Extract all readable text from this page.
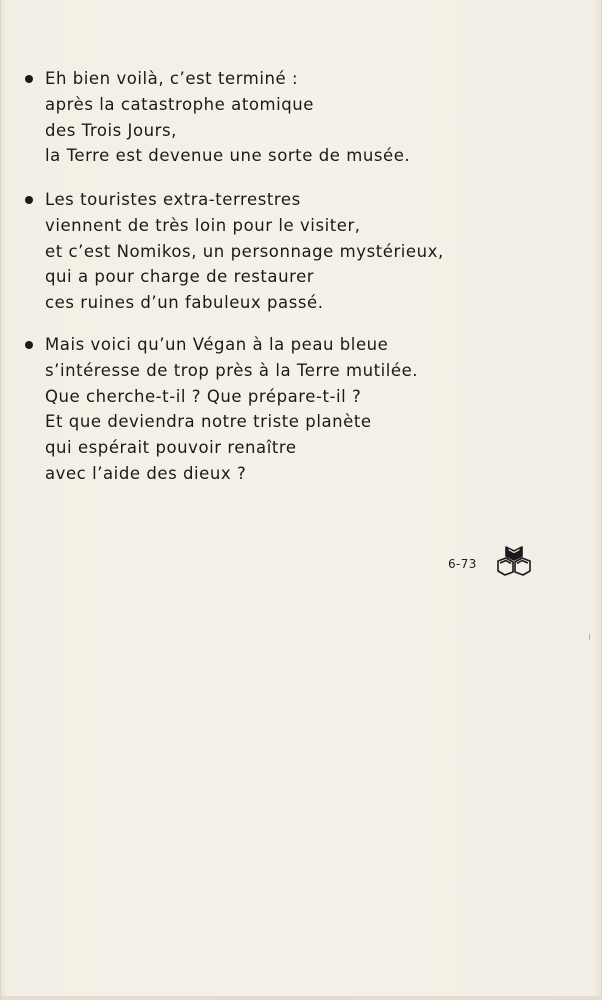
Eh bien voilà, c’est terminé :
après la catastrophe atomique
des Trois Jours,
la Terre est devenue une sorte de musée.
Les touristes extra-terrestres
viennent de très loin pour le visiter,
et c’est Nomikos, un personnage mystérieux,
qui a pour charge de restaurer
ces ruines d’un fabuleux passé.
Mais voici qu’un Végan à la peau bleue
s’intéresse de trop près à la Terre mutilée.
Que cherche-t-il ? Que prépare-t-il ?
Et que deviendra notre triste planète
qui espérait pouvoir renaître
avec l’aide des dieux ?
6-73
